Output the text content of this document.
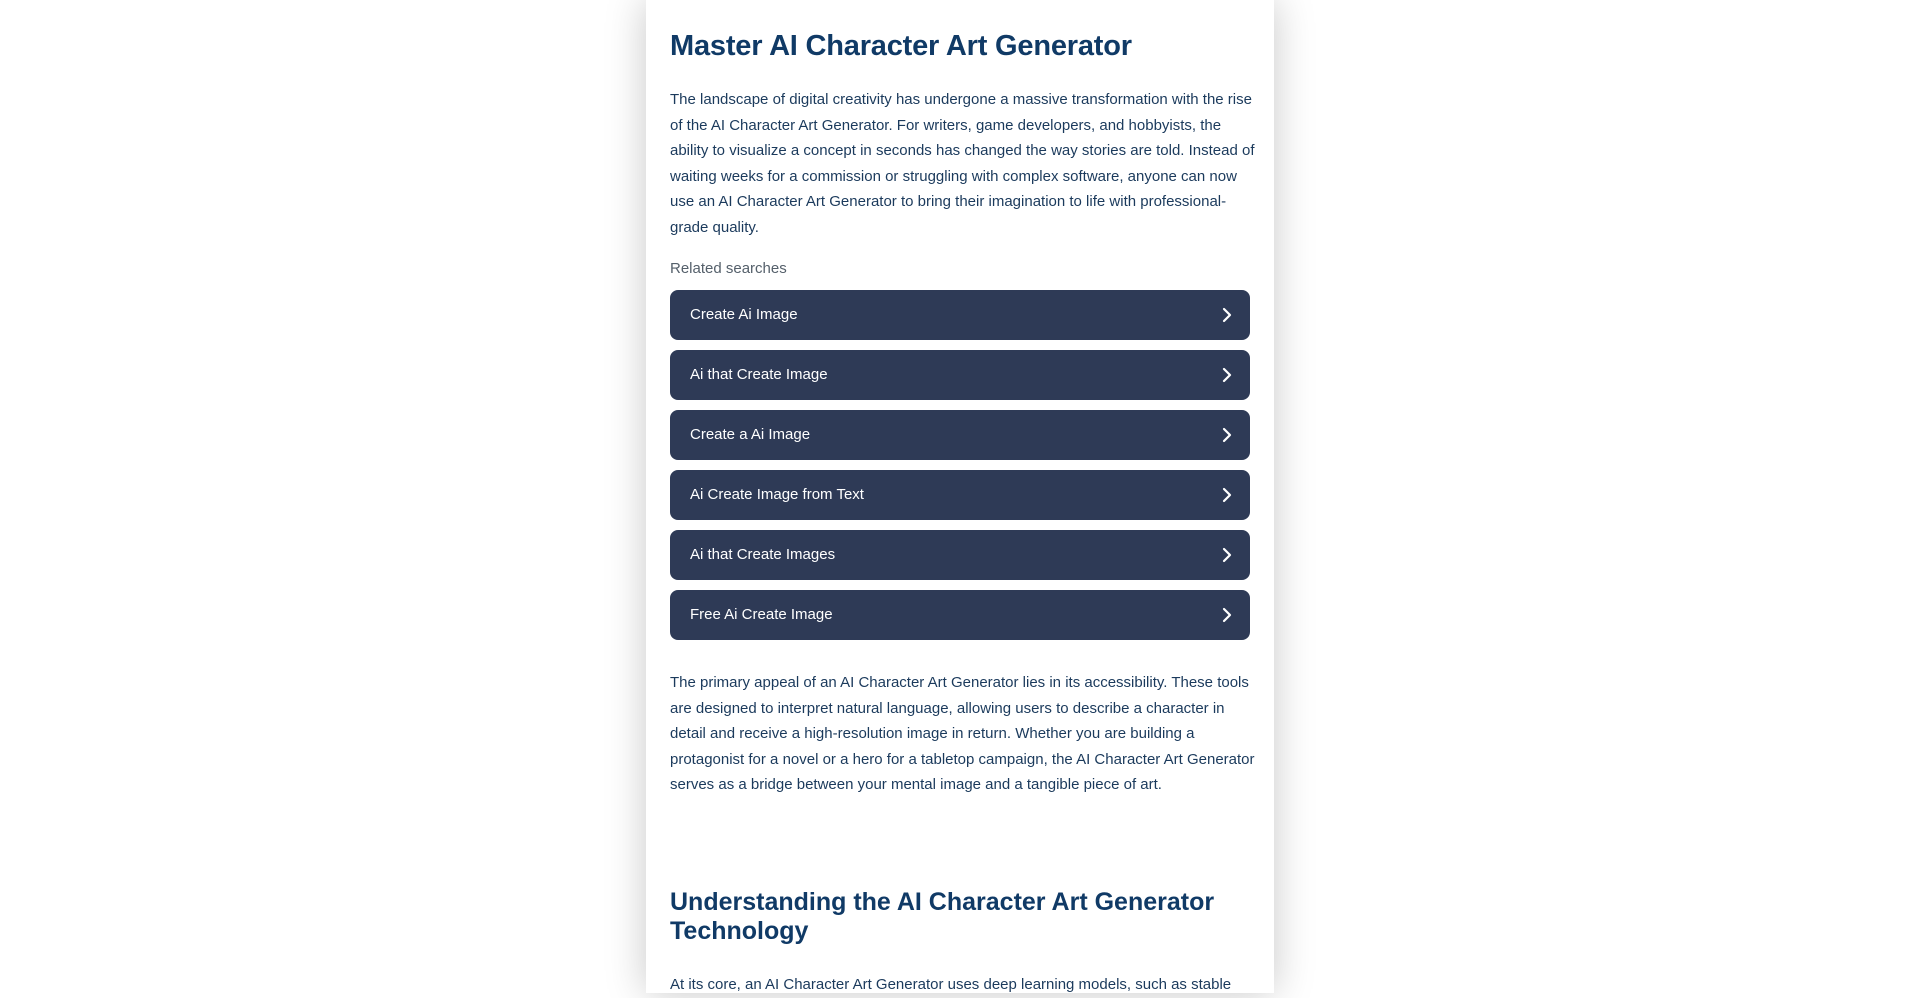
Master AI Character Art Generator

The landscape of digital creativity has undergone a massive transformation with the rise of the AI Character Art Generator. For writers, game developers, and hobbyists, the ability to visualize a concept in seconds has changed the way stories are told. Instead of waiting weeks for a commission or struggling with complex software, anyone can now use an AI Character Art Generator to bring their imagination to life with professional-grade quality.

Related searches
Create Ai Image
Ai that Create Image
Create a Ai Image
Ai Create Image from Text
Ai that Create Images
Free Ai Create Image

The primary appeal of an AI Character Art Generator lies in its accessibility. These tools are designed to interpret natural language, allowing users to describe a character in detail and receive a high-resolution image in return. Whether you are building a protagonist for a novel or a hero for a tabletop campaign, the AI Character Art Generator serves as a bridge between your mental image and a tangible piece of art.

Understanding the AI Character Art Generator Technology

At its core, an AI Character Art Generator uses deep learning models, such as stable
